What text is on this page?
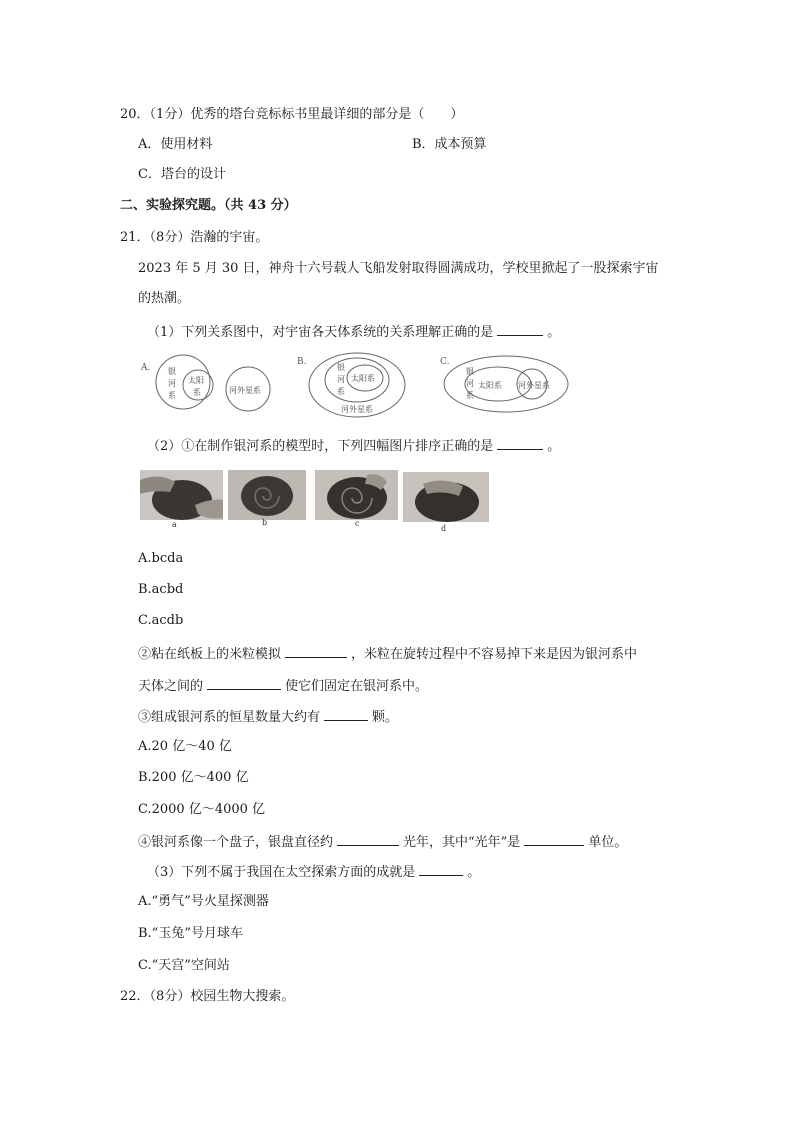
20．（1分）优秀的塔台竞标标书里最详细的部分是（　　）
A．使用材料	B．成本预算
C．塔台的设计
二、实验探究题。（共 43 分）
21．（8分）浩瀚的宇宙。
2023 年 5 月 30 日，神舟十六号载人飞船发射取得圆满成功，学校里掀起了一股探索宇宙
的热潮。
（1）下列关系图中，对宇宙各天体系统的关系理解正确的是	。
A. 银
河
系
太阳
系	河外星系
B.
银
河
系
太阳系
河外星系
C.
银
河
系
太阳系 河外星系
（2）①在制作银河系的模型时，下列四幅图片排序正确的是	。
a	b	c
d
A.bcda
B.acbd
C.acdb
②粘在纸板上的米粒模拟	，米粒在旋转过程中不容易掉下来是因为银河系中
天体之间的	使它们固定在银河系中。
③组成银河系的恒星数量大约有	颗。
A.20 亿～40 亿
B.200 亿～400 亿
C.2000 亿～4000 亿
④银河系像一个盘子，银盘直径约	光年，其中“光年”是	单位。
（3）下列不属于我国在太空探索方面的成就是	。
A.“勇气”号火星探测器
B.“玉兔”号月球车
C.“天宫”空间站
22．（8分）校园生物大搜索。
